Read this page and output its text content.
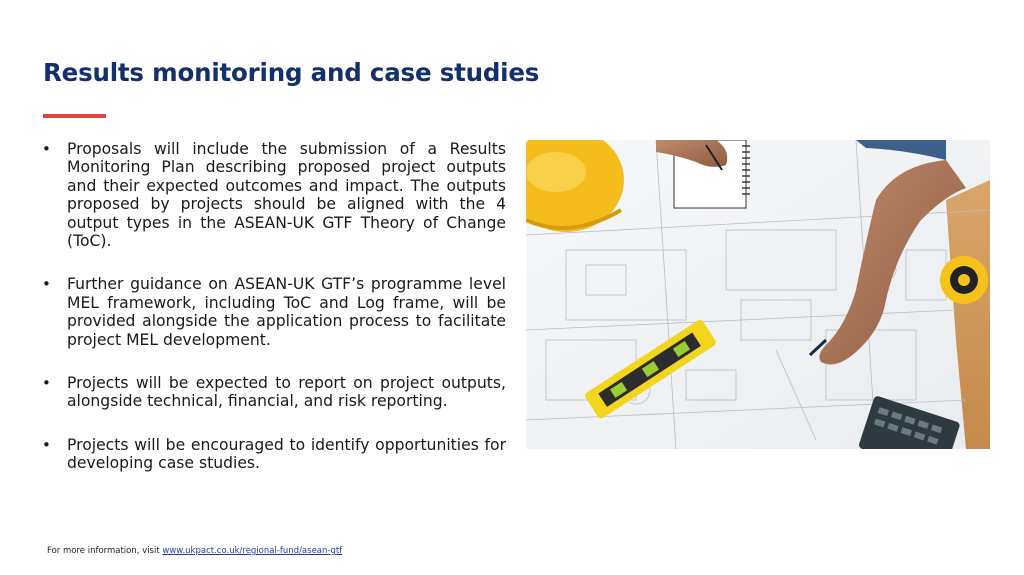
Results monitoring and case studies
• Proposals will include the submission of a Results Monitoring Plan describing proposed project outputs and their expected outcomes and impact. The outputs proposed by projects should be aligned with the 4 output types in the ASEAN-UK GTF Theory of Change (ToC).
• Further guidance on ASEAN-UK GTF’s programme level MEL framework, including ToC and Log frame, will be provided alongside the application process to facilitate project MEL development.
• Projects will be expected to report on project outputs, alongside technical, financial, and risk reporting.
• Projects will be encouraged to identify opportunities for developing case studies.
For more information, visit www.ukpact.co.uk/regional-fund/asean-gtf
